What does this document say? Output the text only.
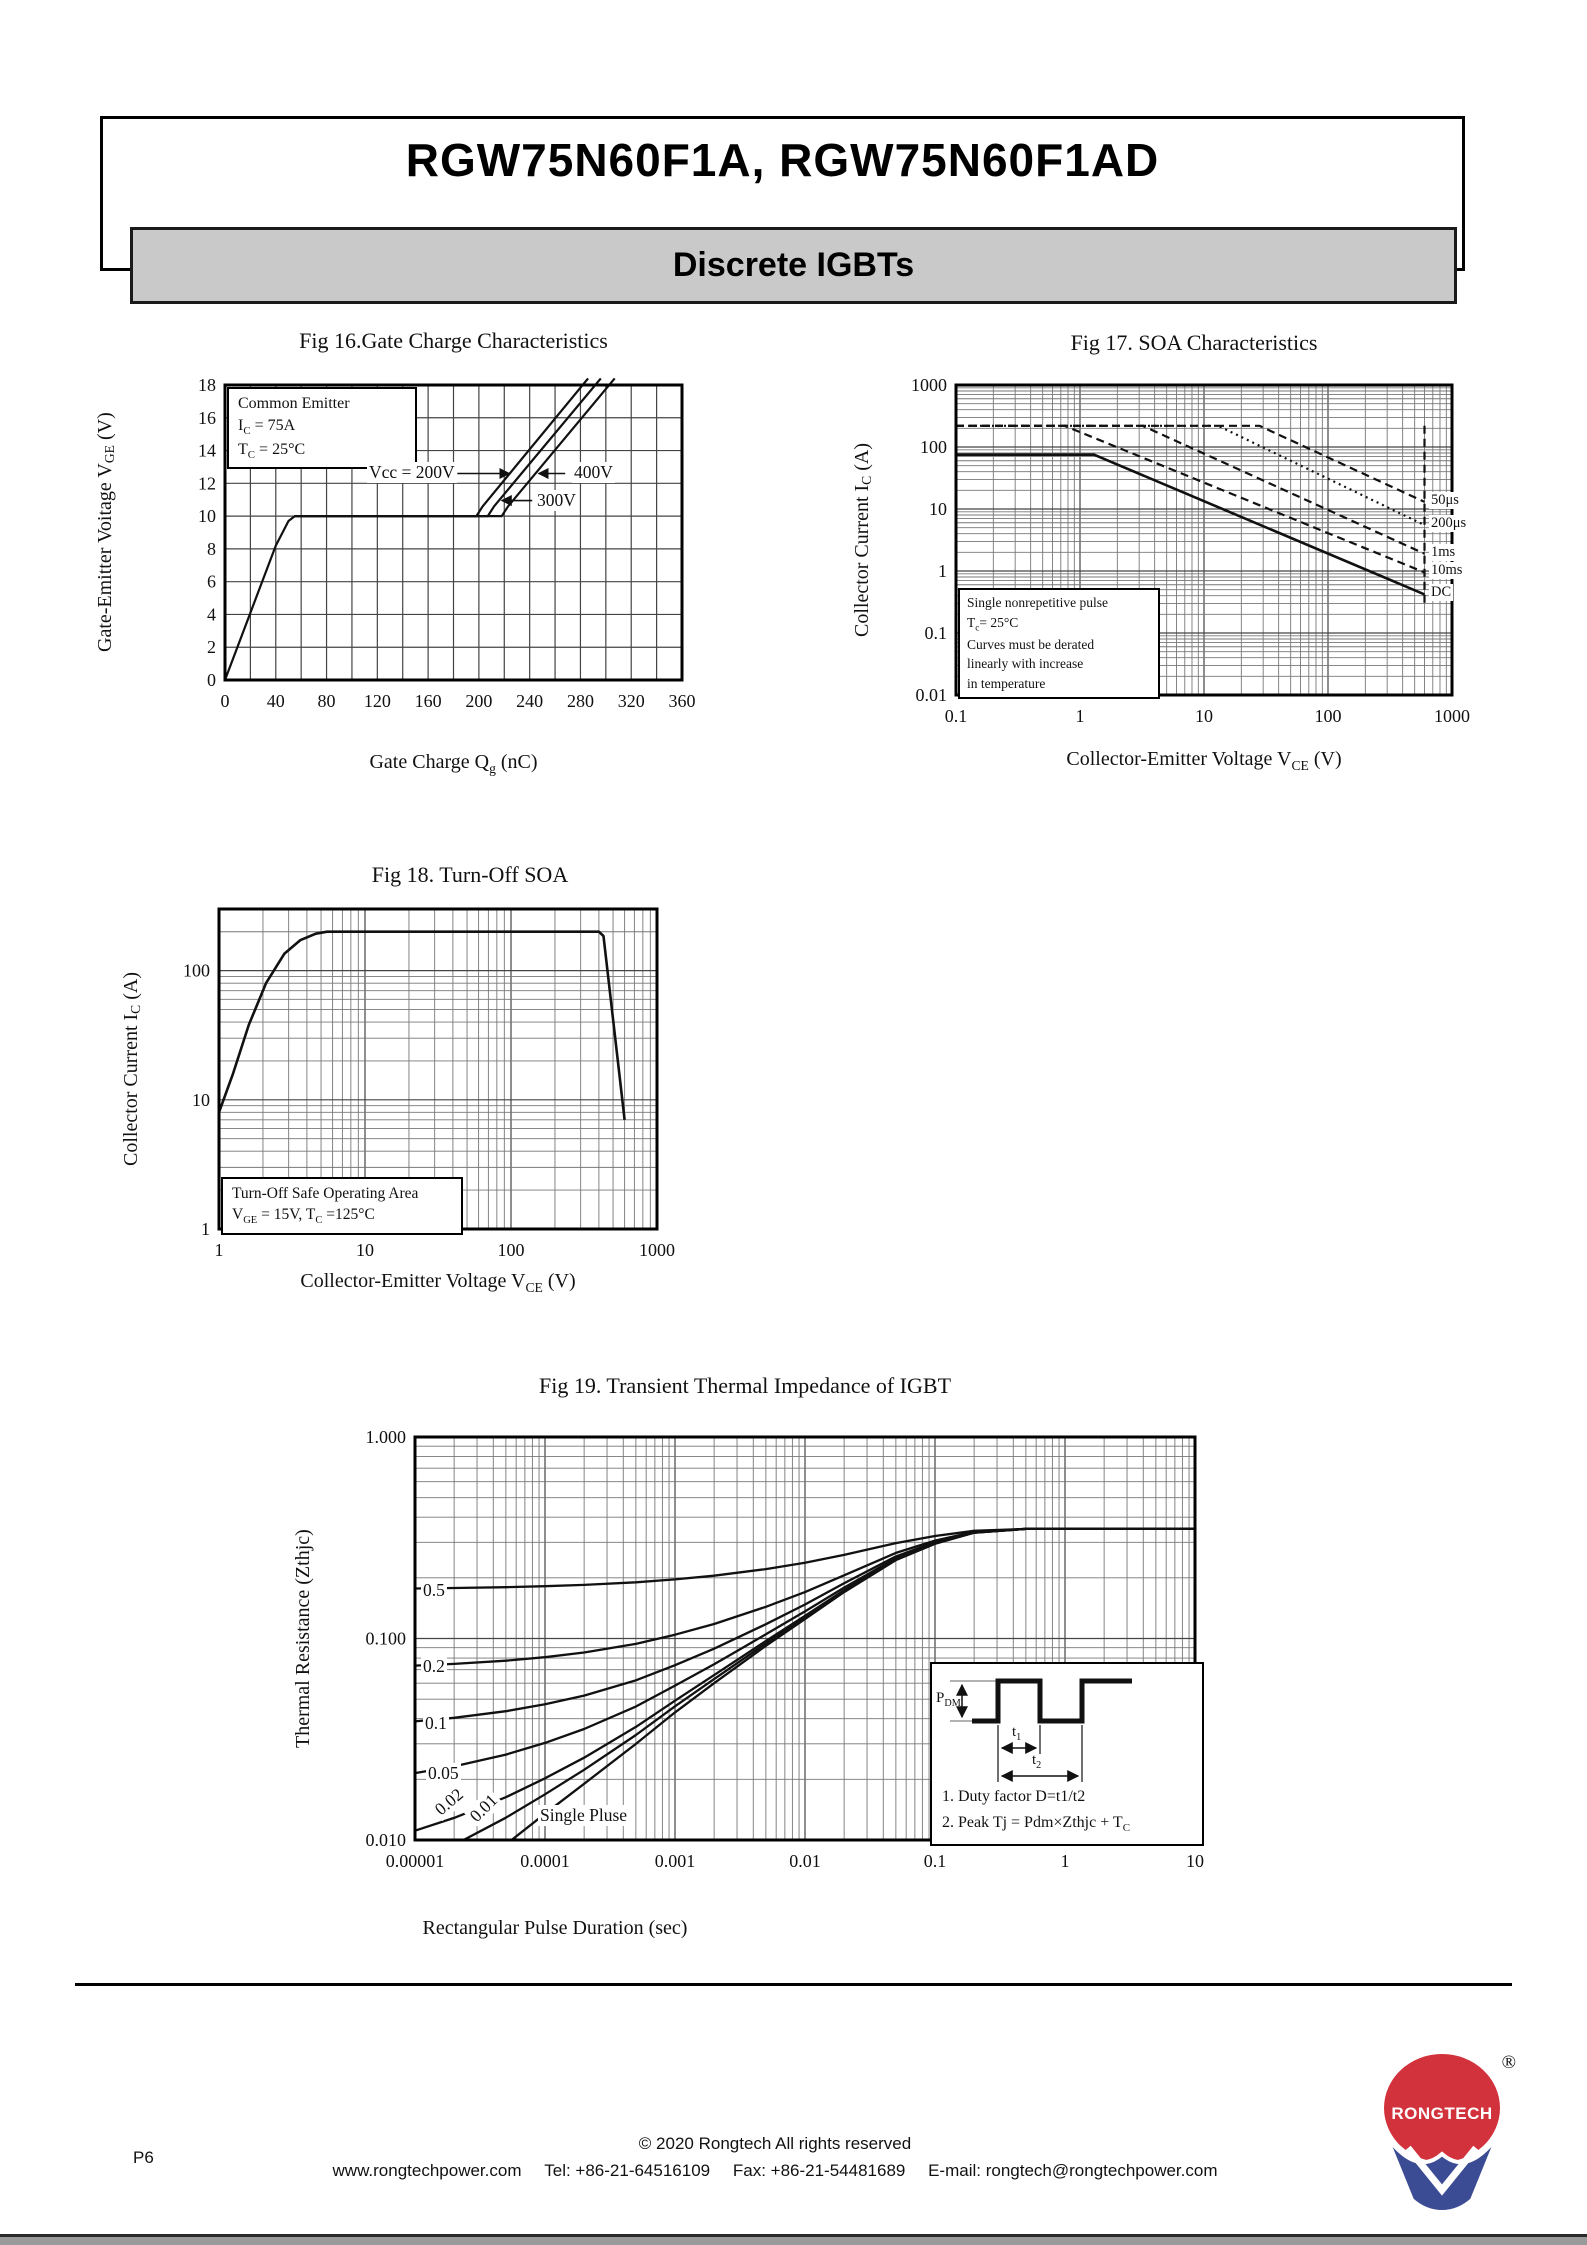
RGW75N60F1A, RGW75N60F1AD
Discrete IGBTs
0 40 80 120 160 200 240 280 320 360
0
2
4
6
8
10
12
14
16
18
Fig 16.Gate Charge Characteristics
Gate-Emitter Voitage $V_{GE}$ (V)
Gate Charge $Q_g$ (nC)
Common Emitter
$I_C = 75A$
$T_C = 25^\circ C$
Vcc = 200V	400V
300V
0.1	1	10	100	1000
1000
100
10
1
0.1
0.01
Fig 17. SOA Characteristics
Collector Current $I_C$ (A)
Collector-Emitter Voltage $V_{CE}$ (V)
Single nonrepetitive pulse
$T_c= 25^\circ C$
Curves must be derated
linearly with increase
in temperature
50μs
200μs
1ms
10ms
DC
1	10	100	1000
100
10
1
Fig 18. Turn-Off SOA
Collector Current $I_C$ (A)
Collector-Emitter Voltage $V_{CE}$ (V)
Turn-Off Safe Operating Area
$V_{GE} = 15V$, $T_C =125^\circ C$
0.00001	0.0001	0.001	0.01	0.1	1	10
1.000
0.100
0.010
Fig 19. Transient Thermal Impedance of IGBT
Thermal Resistance (Zthjc)
Rectangular Pulse Duration (sec)
$P_{DM}$
$t_1$
$t_2$
1. Duty factor D=t1/t2
2. Peak Tj = Pdm×Zthjc + $T_C$
0.5
0.2
0.1
0.05
0.02
0.01 Single Pluse
P6
© 2020 Rongtech All rights reserved
www.rongtechpower.com Tel: +86-21-64516109 Fax: +86-21-54481689 E-mail: rongtech@rongtechpower.com
RONGTECH
®
